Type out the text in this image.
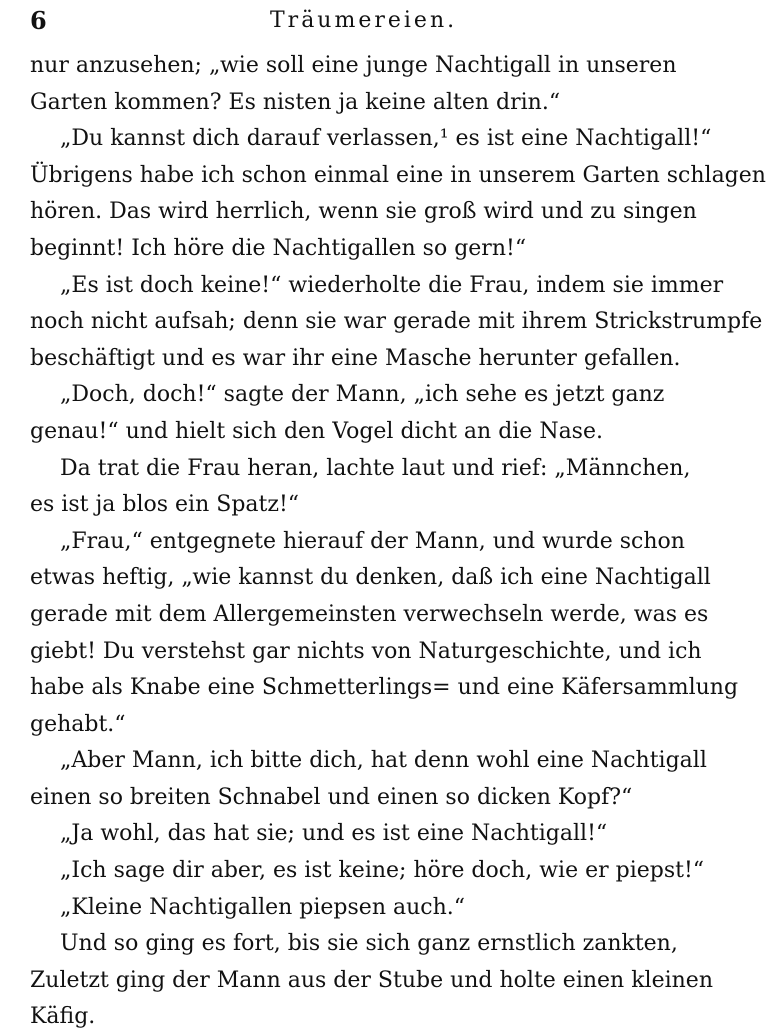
6	Träumereien.
nur anzusehen; „wie soll eine junge Nachtigall in unseren
Garten kommen? Es nisten ja keine alten drin.“
„Du kannst dich darauf verlassen,¹ es ist eine Nachtigall!“
Übrigens habe ich schon einmal eine in unserem Garten schlagen
hören. Das wird herrlich, wenn sie groß wird und zu singen
beginnt! Ich höre die Nachtigallen so gern!“
„Es ist doch keine!“ wiederholte die Frau, indem sie immer
noch nicht aufsah; denn sie war gerade mit ihrem Strickstrumpfe
beschäftigt und es war ihr eine Masche herunter gefallen.
„Doch, doch!“ sagte der Mann, „ich sehe es jetzt ganz
genau!“ und hielt sich den Vogel dicht an die Nase.
Da trat die Frau heran, lachte laut und rief: „Männchen,
es ist ja blos ein Spatz!“
„Frau,“ entgegnete hierauf der Mann, und wurde schon
etwas heftig, „wie kannst du denken, daß ich eine Nachtigall
gerade mit dem Allergemeinsten verwechseln werde, was es
giebt! Du verstehst gar nichts von Naturgeschichte, und ich
habe als Knabe eine Schmetterlings= und eine Käfersammlung
gehabt.“
„Aber Mann, ich bitte dich, hat denn wohl eine Nachtigall
einen so breiten Schnabel und einen so dicken Kopf?“
„Ja wohl, das hat sie; und es ist eine Nachtigall!“
„Ich sage dir aber, es ist keine; höre doch, wie er piepst!“
„Kleine Nachtigallen piepsen auch.“
Und so ging es fort, bis sie sich ganz ernstlich zankten,
Zuletzt ging der Mann aus der Stube und holte einen kleinen
Käfig.
